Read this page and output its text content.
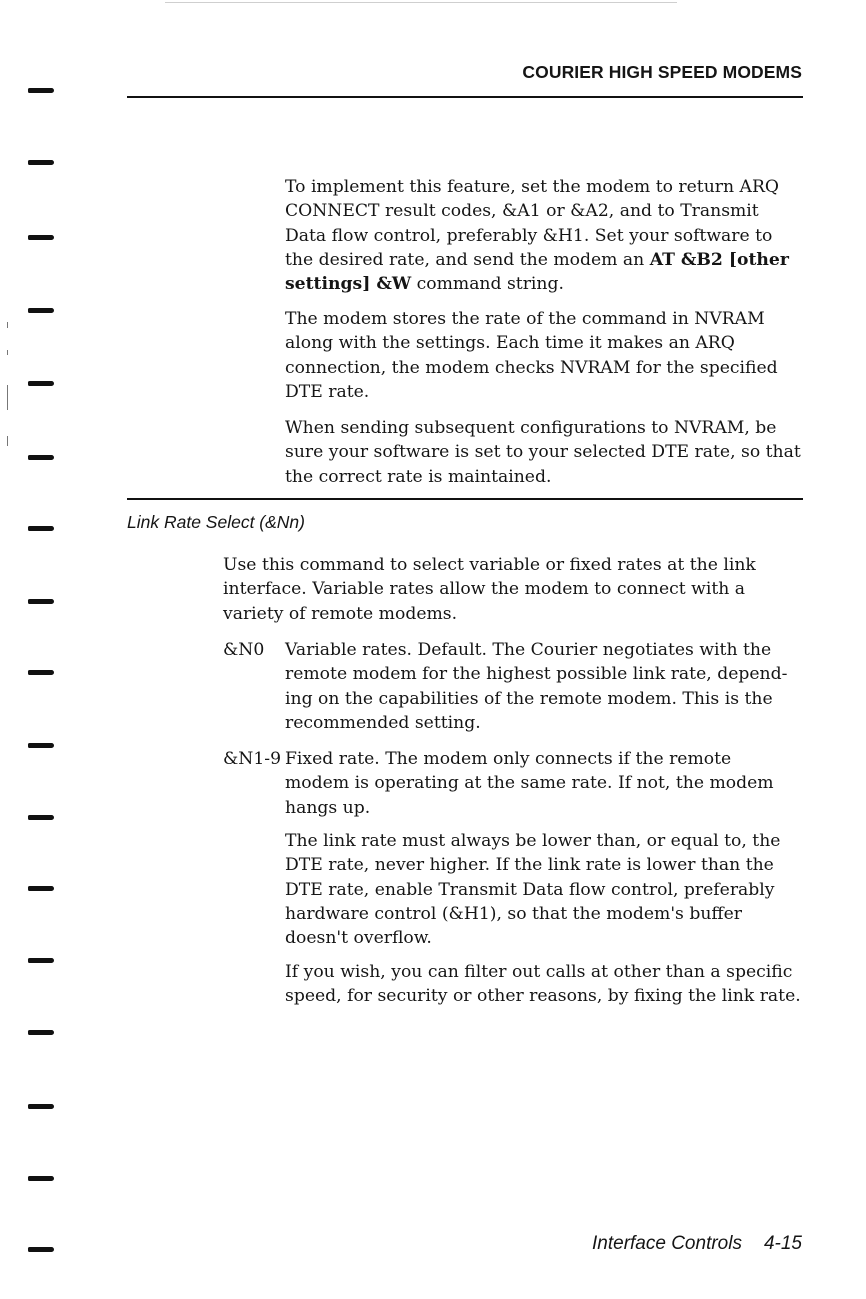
COURIER HIGH SPEED MODEMS

To implement this feature, set the modem to return ARQ CONNECT result codes, &A1 or &A2, and to Transmit Data flow control, preferably &H1. Set your software to the desired rate, and send the modem an AT &B2 [other settings] &W command string.

The modem stores the rate of the command in NVRAM along with the settings. Each time it makes an ARQ connection, the modem checks NVRAM for the specified DTE rate.

When sending subsequent configurations to NVRAM, be sure your software is set to your selected DTE rate, so that the correct rate is maintained.

Link Rate Select (&Nn)

Use this command to select variable or fixed rates at the link interface. Variable rates allow the modem to connect with a variety of remote modems.

&N0 Variable rates. Default. The Courier negotiates with the remote modem for the highest possible link rate, depend-ing on the capabilities of the remote modem. This is the recommended setting.

&N1-9 Fixed rate. The modem only connects if the remote modem is operating at the same rate. If not, the modem hangs up.

The link rate must always be lower than, or equal to, the DTE rate, never higher. If the link rate is lower than the DTE rate, enable Transmit Data flow control, preferably hardware control (&H1), so that the modem's buffer doesn't overflow.

If you wish, you can filter out calls at other than a specific speed, for security or other reasons, by fixing the link rate.

Interface Controls 4-15
